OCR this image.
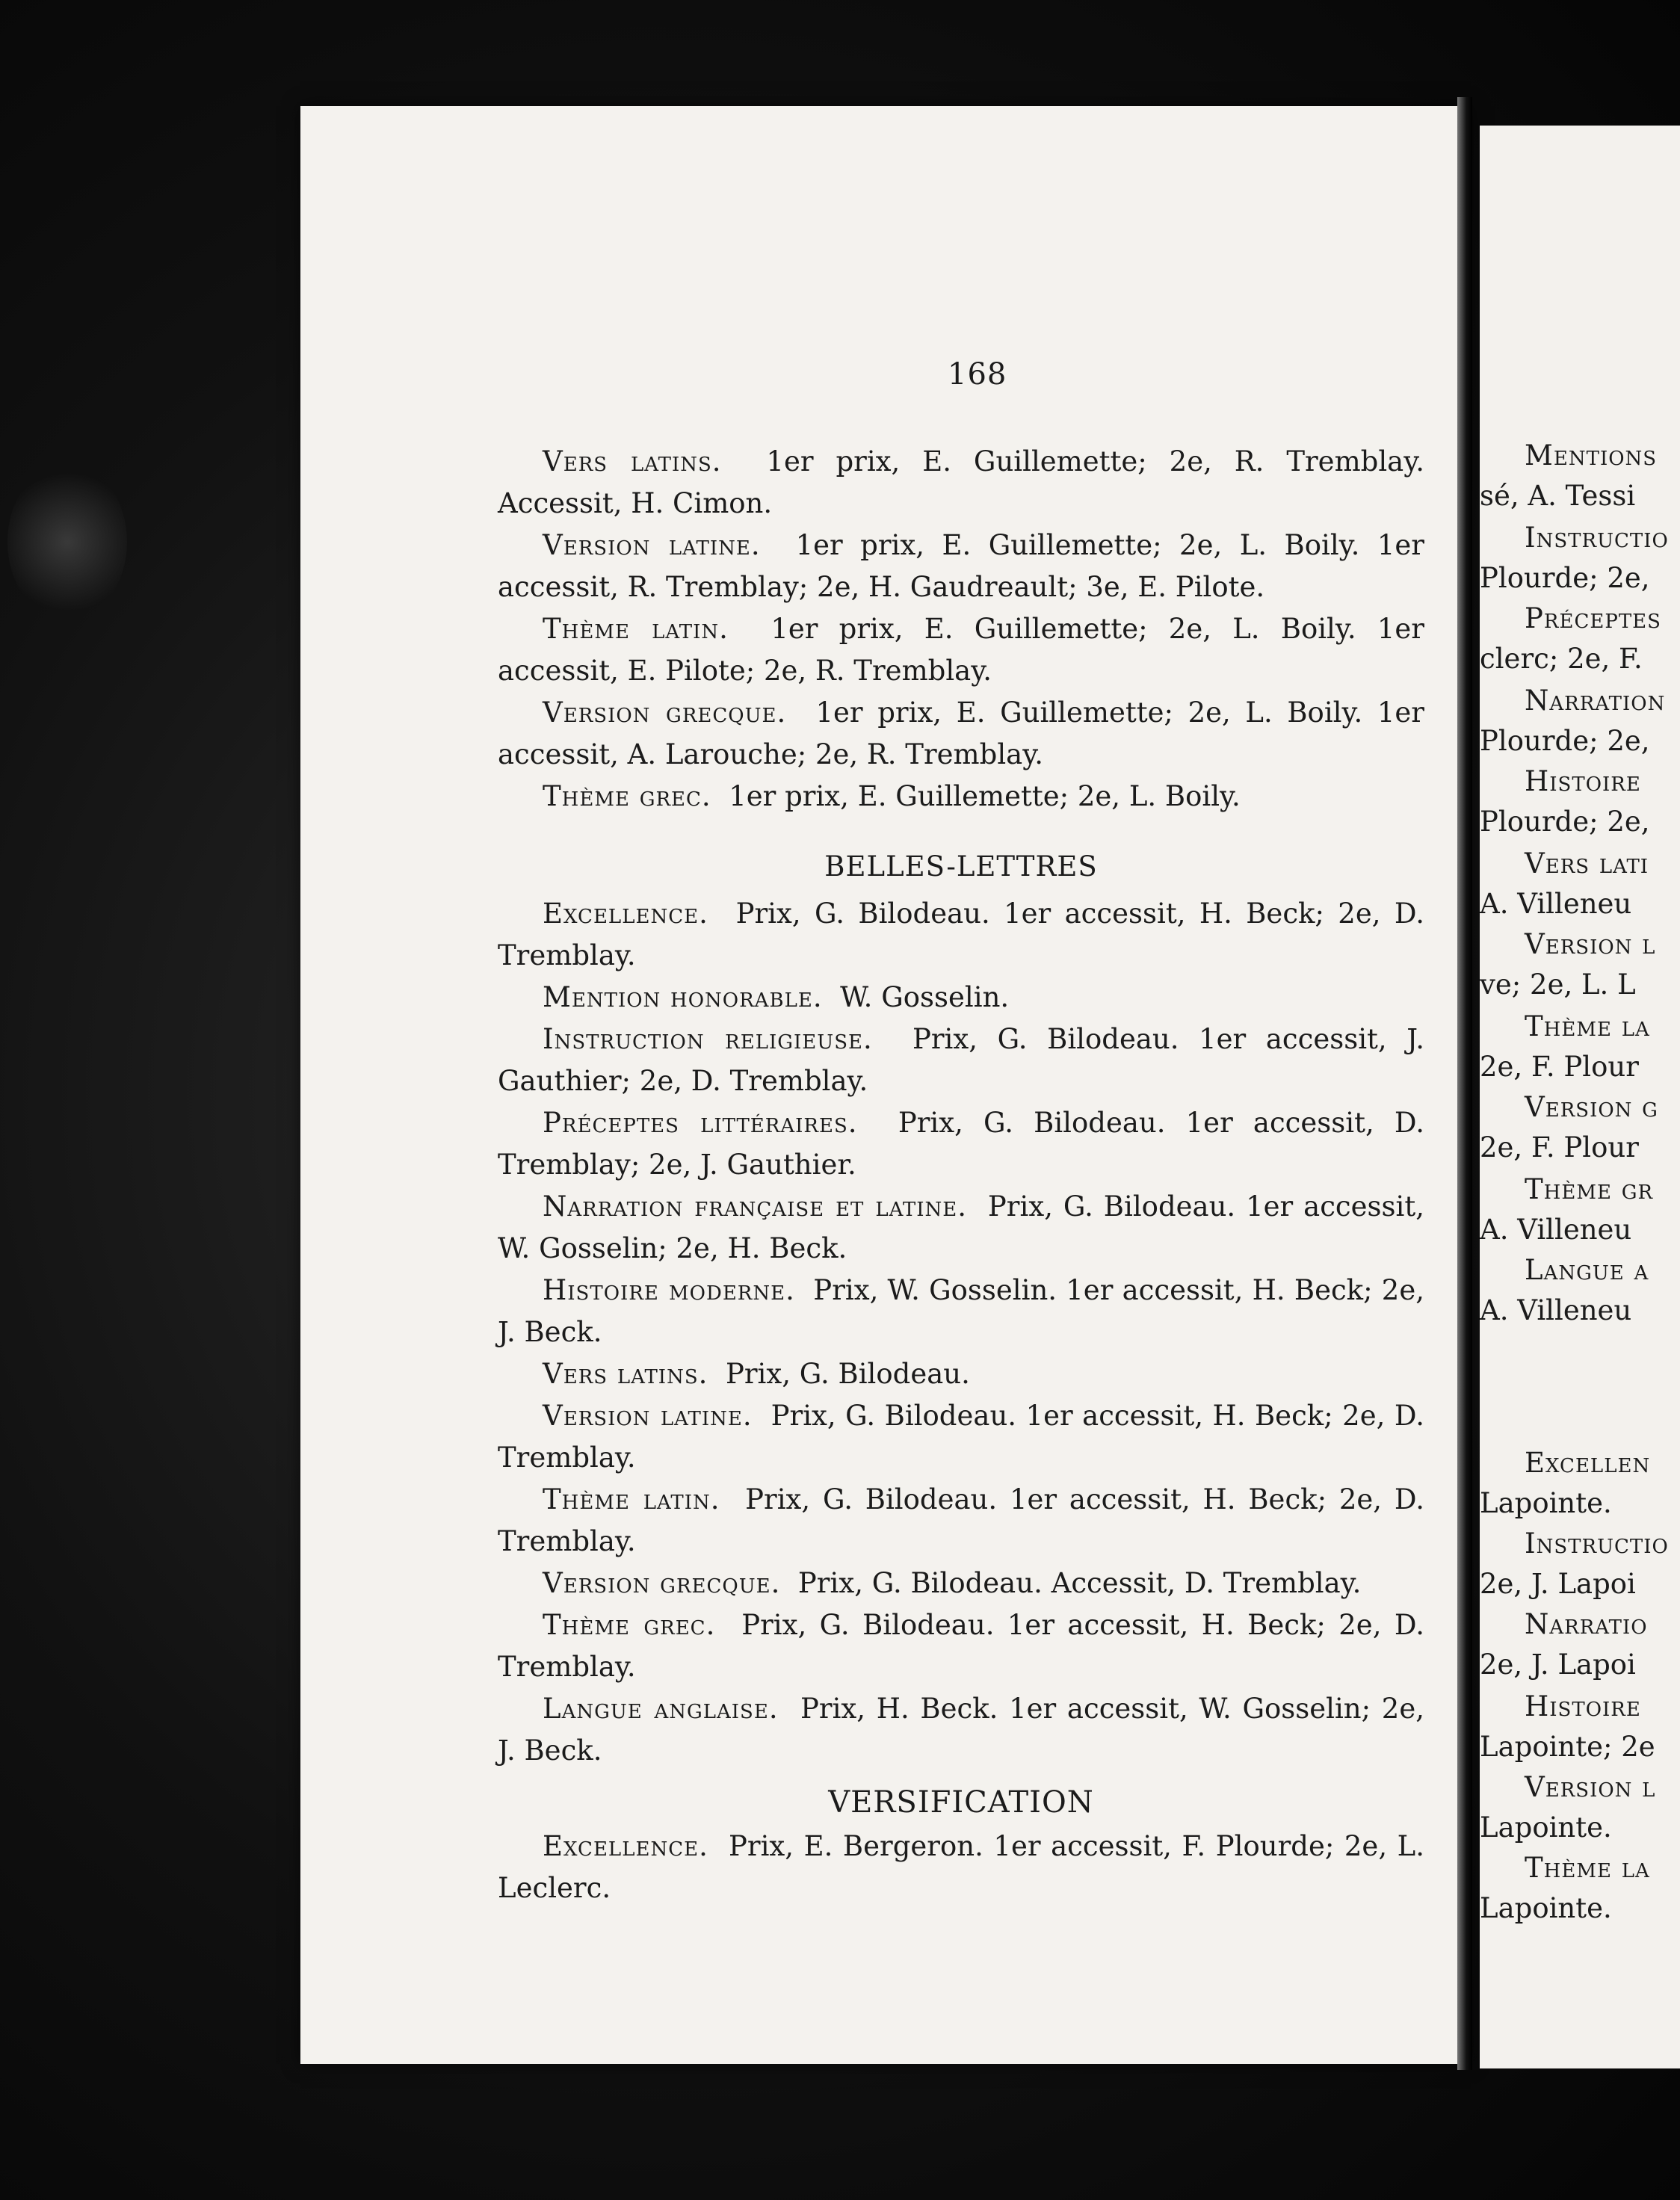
168

Vers latins. 1er prix, E. Guillemette; 2e, R. Tremblay. Accessit, H. Cimon.

Version latine. 1er prix, E. Guillemette; 2e, L. Boily. 1er accessit, R. Tremblay; 2e, H. Gaudreault; 3e, E. Pilote.

Thème latin. 1er prix, E. Guillemette; 2e, L. Boily. 1er accessit, E. Pilote; 2e, R. Tremblay.

Version grecque. 1er prix, E. Guillemette; 2e, L. Boily. 1er accessit, A. Larouche; 2e, R. Tremblay.

Thème grec. 1er prix, E. Guillemette; 2e, L. Boily.

BELLES-LETTRES

Excellence. Prix, G. Bilodeau. 1er accessit, H. Beck; 2e, D. Tremblay.

Mention honorable. W. Gosselin.

Instruction religieuse. Prix, G. Bilodeau. 1er accessit, J. Gauthier; 2e, D. Tremblay.

Préceptes littéraires. Prix, G. Bilodeau. 1er accessit, D. Tremblay; 2e, J. Gauthier.

Narration française et latine. Prix, G. Bilodeau. 1er accessit, W. Gosselin; 2e, H. Beck.

Histoire moderne. Prix, W. Gosselin. 1er accessit, H. Beck; 2e, J. Beck.

Vers latins. Prix, G. Bilodeau.

Version latine. Prix, G. Bilodeau. 1er accessit, H. Beck; 2e, D. Tremblay.

Thème latin. Prix, G. Bilodeau. 1er accessit, H. Beck; 2e, D. Tremblay.

Version grecque. Prix, G. Bilodeau. Accessit, D. Tremblay.

Thème grec. Prix, G. Bilodeau. 1er accessit, H. Beck; 2e, D. Tremblay.

Langue anglaise. Prix, H. Beck. 1er accessit, W. Gosselin; 2e, J. Beck.

VERSIFICATION

Excellence. Prix, E. Bergeron. 1er accessit, F. Plourde; 2e, L. Leclerc.

Mentions
sé, A. Tessi
Instructio
Plourde; 2e,
Préceptes
clerc; 2e, F.
Narration
Plourde; 2e,
Histoire
Plourde; 2e,
Vers lati
A. Villeneu
Version l
ve; 2e, L. L
Thème la
2e, F. Plour
Version g
2e, F. Plour
Thème gr
A. Villeneu
Langue a
A. Villeneu
Excellen
Lapointe.
Instructio
2e, J. Lapoi
Narratio
2e, J. Lapoi
Histoire
Lapointe; 2e
Version l
Lapointe.
Thème la
Lapointe.
